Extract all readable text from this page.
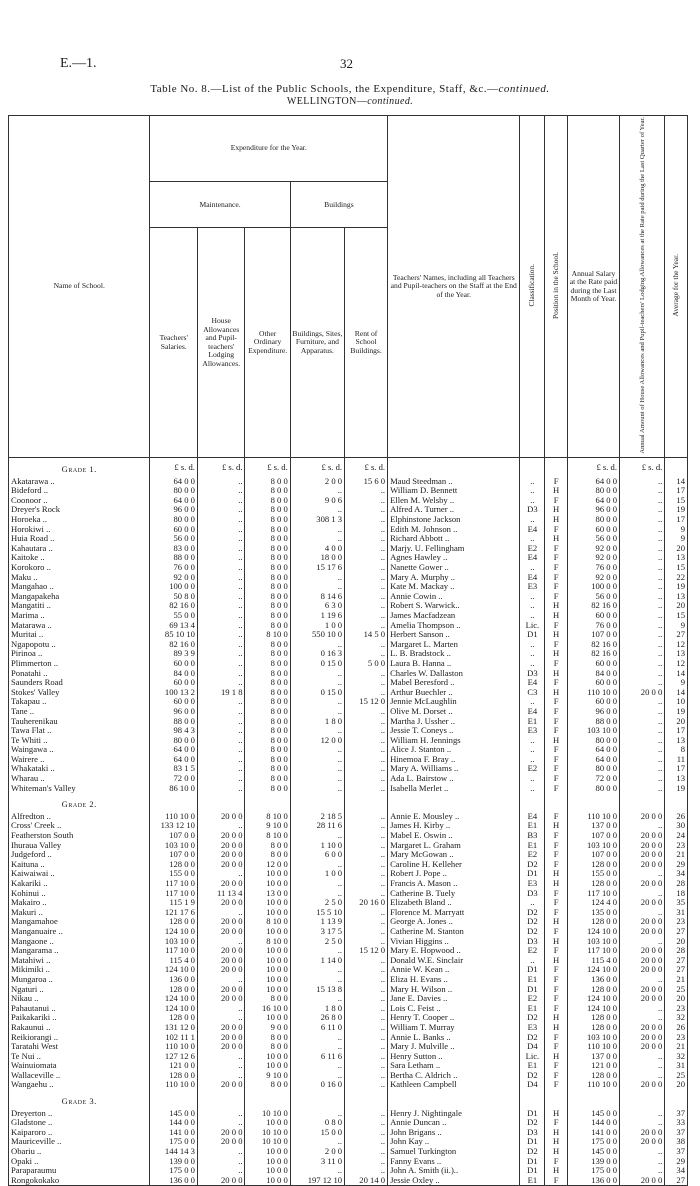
E.—1.	32
Table No. 8.—List of the Public Schools, the Expenditure, Staff, &c.—continued.
WELLINGTON—continued.
Name of School.	Expenditure for the Year.					Teachers' Names, including all Teachers and Pupil-teachers on the Staff at the End of the Year.	Classification.	Position in the School.	Annual Salary at the Rate paid during the Last Month of Year.	Annual Amount of House Allowances and Pupil-teachers' Lodging Allowances at the Rate paid during the Last Quarter of Year.	Average for the Year.
	Maintenance.			Buildings							
	Teachers' Salaries.	House Allowances and Pupil-teachers' Lodging Allowances.	Other Ordinary Expenditure.	Buildings, Sites, Furniture, and Apparatus.	Rent of School Buildings.						
Grade 1.	£ s. d.	£ s. d.	£ s. d.	£ s. d.	£ s. d.				£ s. d.	£ s. d.	
Akatarawa ..	64 0 0	..	8 0 0	2 0 0	15 6 0	Maud Steedman ..	..	F	64 0 0	..	14
Bideford ..	80 0 0	..	8 0 0	..	..	William D. Bennett	..	H	80 0 0	..	17
Coonoor ..	64 0 0	..	8 0 0	9 0 6	..	Ellen M. Welsby ..	..	F	64 0 0	..	15
Dreyer's Rock	96 0 0	..	8 0 0	..	..	Alfred A. Turner ..	D3	H	96 0 0	..	19
Horoeka ..	80 0 0	..	8 0 0	308 1 3	..	Elphinstone Jackson	..	H	80 0 0	..	17
Horokiwi ..	60 0 0	..	8 0 0	..	..	Edith M. Johnson ..	E4	F	60 0 0	..	9
Huia Road ..	56 0 0	..	8 0 0	..	..	Richard Abbott ..	..	H	56 0 0	..	9
Kahautara ..	83 0 0	..	8 0 0	4 0 0	..	Marjy. U. Fellingham	E2	F	92 0 0	..	20
Kaitoke ..	88 0 0	..	8 0 0	18 0 0	..	Agnes Hawley ..	E4	F	92 0 0	..	13
Korokoro ..	76 0 0	..	8 0 0	15 17 6	..	Nanette Gower ..	..	F	76 0 0	..	15
Maku ..	92 0 0	..	8 0 0	..	..	Mary A. Murphy ..	E4	F	92 0 0	..	22
Mangahao ..	100 0 0	..	8 0 0	..	..	Kate M. Mackay ..	E3	F	100 0 0	..	19
Mangapakeha	50 8 0	..	8 0 0	8 14 6	..	Annie Cowin ..	..	F	56 0 0	..	13
Mangatiti ..	82 16 0	..	8 0 0	6 3 0	..	Robert S. Warwick..	..	H	82 16 0	..	20
Marima ..	55 0 0	..	8 0 0	1 19 6	..	James Macfadzean	..	H	60 0 0	..	15
Matarawa ..	69 13 4	..	8 0 0	1 0 0	..	Amelia Thompson ..	Lic.	F	76 0 0	..	9
Muritai ..	85 10 10	..	8 10 0	550 10 0	14 5 0	Herbert Sanson ..	D1	H	107 0 0	..	27
Ngapopotu ..	82 16 0	..	8 0 0	..	..	Margaret L. Marten	..	F	82 16 0	..	12
Pirinoa ..	89 3 9	..	8 0 0	0 16 3	..	L. B. Bradstock ..	..	H	82 16 0	..	13
Plimmerton ..	60 0 0	..	8 0 0	0 15 0	5 0 0	Laura B. Hanna ..	..	F	60 0 0	..	12
Ponatahi ..	84 0 0	..	8 0 0	..	..	Charles W. Dallaston	D3	H	84 0 0	..	14
Saunders Road	60 0 0	..	8 0 0	..	..	Mabel Beresford ..	E4	F	60 0 0	..	9
Stokes' Valley	100 13 2	19 1 8	8 0 0	0 15 0	..	Arthur Buechler ..	C3	H	110 10 0	20 0 0	14
Takapau ..	60 0 0	..	8 0 0	..	15 12 0	Jennie McLaughlin	..	F	60 0 0	..	10
Tane ..	96 0 0	..	8 0 0	..	..	Olive M. Dorset ..	E4	F	96 0 0	..	19
Tauherenikau	88 0 0	..	8 0 0	1 8 0	..	Martha J. Ussher ..	E1	F	88 0 0	..	20
Tawa Flat ..	98 4 3	..	8 0 0	..	..	Jessie T. Coneys ..	E3	F	103 10 0	..	17
Te Whiti ..	80 0 0	..	8 0 0	12 0 0	..	William H. Jennings	..	H	80 0 0	..	13
Waingawa ..	64 0 0	..	8 0 0	..	..	Alice J. Stanton ..	..	F	64 0 0	..	8
Wairere ..	64 0 0	..	8 0 0	..	..	Hinemoa F. Bray ..	..	F	64 0 0	..	11
Whakataki ..	83 1 5	..	8 0 0	..	..	Mary A. Williams ..	E2	F	80 0 0	..	17
Wharau ..	72 0 0	..	8 0 0	..	..	Ada L. Bairstow ..	..	F	72 0 0	..	13
Whiteman's Valley	86 10 0	..	8 0 0	..	..	Isabella Merlet ..	..	F	80 0 0	..	19
Grade 2.											
Alfredton ..	110 10 0	20 0 0	8 10 0	2 18 5	..	Annie E. Mousley ..	E4	F	110 10 0	20 0 0	26
Cross' Creek ..	133 12 10	..	9 10 0	28 11 6	..	James H. Kirby ..	E1	H	137 0 0	..	30
Featherston South	107 0 0	20 0 0	8 10 0	..	..	Mabel E. Oswin ..	B3	F	107 0 0	20 0 0	24
Ihuraua Valley	103 10 0	20 0 0	8 0 0	1 10 0	..	Margaret L. Graham	E1	F	103 10 0	20 0 0	23
Judgeford ..	107 0 0	20 0 0	8 0 0	6 0 0	..	Mary McGowan ..	E2	F	107 0 0	20 0 0	21
Kaituna ..	128 0 0	20 0 0	12 0 0	..	..	Caroline H. Kelleher	D2	F	128 0 0	20 0 0	29
Kaiwaiwai ..	155 0 0	..	10 0 0	1 0 0	..	Robert J. Pope ..	D1	H	155 0 0	..	34
Kakariki ..	117 10 0	20 0 0	10 0 0	..	..	Francis A. Mason ..	E3	H	128 0 0	20 0 0	28
Kohinui ..	117 10 0	11 13 4	13 0 0	..	..	Catherine B. Tuely	D3	F	117 10 0	..	18
Makairo ..	115 1 9	20 0 0	10 0 0	2 5 0	20 16 0	Elizabeth Bland ..	..	F	124 4 0	20 0 0	35
Makuri ..	121 17 6	..	10 0 0	15 5 10	..	Florence M. Marryatt	D2	F	135 0 0	..	31
Mangamahoe	128 0 0	20 0 0	8 10 0	1 13 9	..	George A. Jones ..	D2	H	128 0 0	20 0 0	23
Manganuaire ..	124 10 0	20 0 0	10 0 0	3 17 5	..	Catherine M. Stanton	D2	F	124 10 0	20 0 0	27
Mangaone ..	103 10 0	..	8 10 0	2 5 0	..	Vivian Higgins ..	D3	H	103 10 0	..	20
Mangarama ..	117 10 0	20 0 0	10 0 0	..	15 12 0	Mary E. Hopwood ..	E2	F	117 10 0	20 0 0	28
Matahiwi ..	115 4 0	20 0 0	10 0 0	1 14 0	..	Donald W.E. Sinclair	..	H	115 4 0	20 0 0	27
Mikimiki ..	124 10 0	20 0 0	10 0 0	..	..	Annie W. Kean ..	D1	F	124 10 0	20 0 0	27
Mungaroa ..	136 0 0	..	10 0 0	..	..	Eliza H. Evans ..	E1	F	136 0 0	..	21
Ngaturi ..	128 0 0	20 0 0	10 0 0	15 13 8	..	Mary H. Wilson ..	D1	F	128 0 0	20 0 0	25
Nikau ..	124 10 0	20 0 0	8 0 0	..	..	Jane E. Davies ..	E2	F	124 10 0	20 0 0	20
Pahautanui ..	124 10 0	..	16 10 0	1 8 0	..	Lois C. Feist ..	E1	F	124 10 0	..	23
Paikakariki ..	128 0 0	..	10 0 0	26 8 0	..	Henry T. Cooper ..	D2	H	128 0 0	..	32
Rakaunui ..	131 12 0	20 0 0	9 0 0	6 11 0	..	William T. Murray	E3	H	128 0 0	20 0 0	26
Reikiorangi ..	102 11 1	20 0 0	8 0 0	..	..	Annie L. Banks ..	D2	F	103 10 0	20 0 0	23
Taratahi West	110 10 0	20 0 0	8 0 0	..	..	Mary J. Mulville ..	D4	F	110 10 0	20 0 0	21
Te Nui ..	127 12 6	..	10 0 0	6 11 6	..	Henry Sutton ..	Lic.	H	137 0 0	..	32
Wainuiomata	121 0 0	..	10 0 0	..	..	Sara Letham ..	E1	F	121 0 0	..	31
Wallaceville ..	128 0 0	..	9 10 0	..	..	Bertha C. Aldrich ..	D2	F	128 0 0	..	25
Wangaehu ..	110 10 0	20 0 0	8 0 0	0 16 0	..	Kathleen Campbell	D4	F	110 10 0	20 0 0	20
Grade 3.											
Dreyerton ..	145 0 0	..	10 10 0	..	..	Henry J. Nightingale	D1	H	145 0 0	..	37
Gladstone ..	144 0 0	..	10 0 0	0 8 0	..	Annie Duncan ..	D2	F	144 0 0	..	33
Kaiparoro ..	141 0 0	20 0 0	10 10 0	15 0 0	..	John Brigans ..	D3	H	141 0 0	20 0 0	37
Mauriceville ..	175 0 0	20 0 0	10 10 0	..	..	John Kay ..	D1	H	175 0 0	20 0 0	38
Obariu ..	144 14 3	..	10 0 0	2 0 0	..	Samuel Turkington	D2	H	145 0 0	..	37
Opaki ..	139 0 0	..	10 0 0	3 11 0	..	Fanny Evans ..	D1	F	139 0 0	..	29
Paraparaumu	175 0 0	..	10 0 0	..	..	John A. Smith (ii.)..	D1	H	175 0 0	..	34
Rongokokako	136 0 0	20 0 0	10 0 0	197 12 10	20 14 0	Jessie Oxley ..	E1	F	136 0 0	20 0 0	27
